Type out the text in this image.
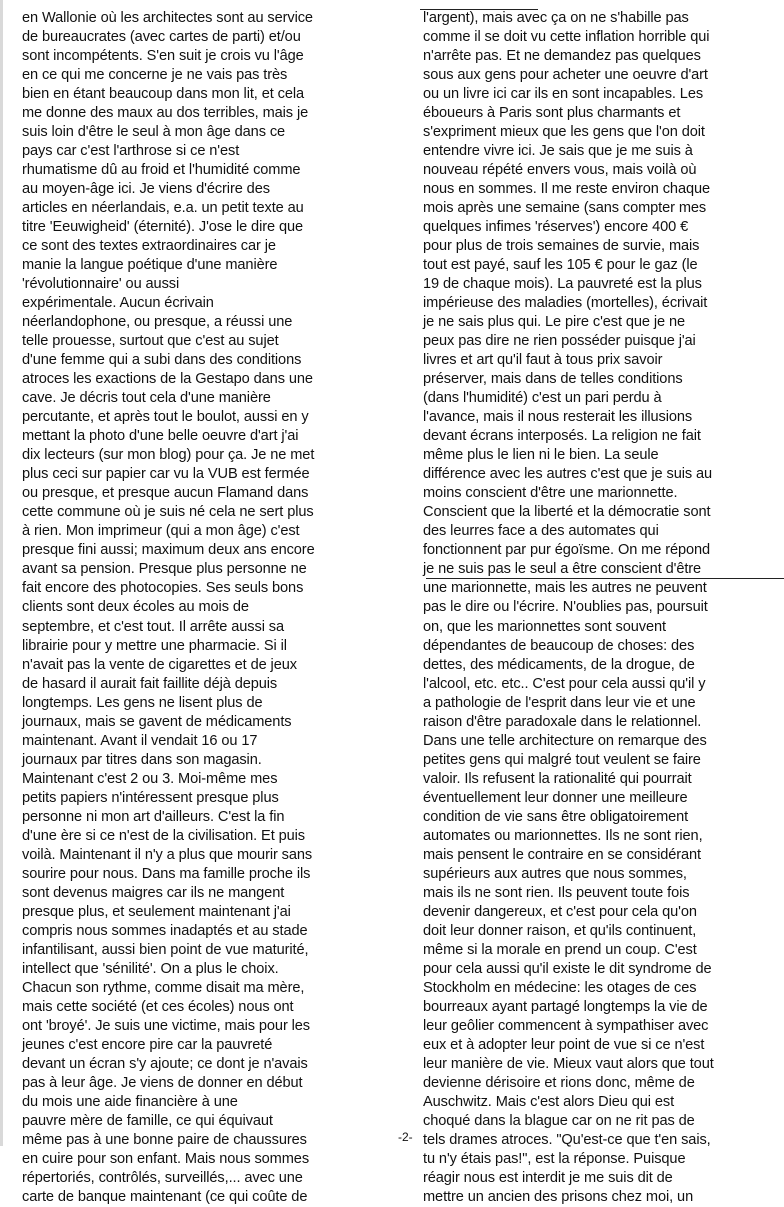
en Wallonie où les architectes sont au service
de bureaucrates (avec cartes de parti) et/ou
sont incompétents. S'en suit je crois vu l'âge
en ce qui me concerne je ne vais pas très
bien en étant beaucoup dans mon lit, et cela
me donne des maux au dos terribles, mais je
suis loin d'être le seul à mon âge dans ce
pays car c'est l'arthrose si ce n'est
rhumatisme dû au froid et l'humidité comme
au moyen-âge ici. Je viens d'écrire des
articles en néerlandais, e.a. un petit texte au
titre 'Eeuwigheid' (éternité). J'ose le dire que
ce sont des textes extraordinaires car je
manie la langue poétique d'une manière
'révolutionnaire' ou aussi
expérimentale. Aucun écrivain
néerlandophone, ou presque, a réussi une
telle prouesse, surtout que c'est au sujet
d'une femme qui a subi dans des conditions
atroces les exactions de la Gestapo dans une
cave. Je décris tout cela d'une manière
percutante, et après tout le boulot, aussi en y
mettant la photo d'une belle oeuvre d'art j'ai
dix lecteurs (sur mon blog) pour ça. Je ne met
plus ceci sur papier car vu la VUB est fermée
ou presque, et presque aucun Flamand dans
cette commune où je suis né cela ne sert plus
à rien. Mon imprimeur (qui a mon âge) c'est
presque fini aussi; maximum deux ans encore
avant sa pension. Presque plus personne ne
fait encore des photocopies. Ses seuls bons
clients sont deux écoles au mois de
septembre, et c'est tout. Il arrête aussi sa
librairie pour y mettre une pharmacie. Si il
n'avait pas la vente de cigarettes et de jeux
de hasard il aurait fait faillite déjà depuis
longtemps. Les gens ne lisent plus de
journaux, mais se gavent de médicaments
maintenant. Avant il vendait 16 ou 17
journaux par titres dans son magasin.
Maintenant c'est 2 ou 3. Moi-même mes
petits papiers n'intéressent presque plus
personne ni mon art d'ailleurs. C'est la fin
d'une ère si ce n'est de la civilisation. Et puis
voilà. Maintenant il n'y a plus que mourir sans
sourire pour nous. Dans ma famille proche ils
sont devenus maigres car ils ne mangent
presque plus, et seulement maintenant j'ai
compris nous sommes inadaptés et au stade
infantilisant, aussi bien point de vue maturité,
intellect que 'sénilité'. On a plus le choix.
Chacun son rythme, comme disait ma mère,
mais cette société (et ces écoles) nous ont
ont 'broyé'. Je suis une victime, mais pour les
jeunes c'est encore pire car la pauvreté
devant un écran s'y ajoute; ce dont je n'avais
pas à leur âge. Je viens de donner en début
du mois une aide financière à une
pauvre mère de famille, ce qui équivaut
même pas à une bonne paire de chaussures
en cuire pour son enfant. Mais nous sommes
répertoriés, contrôlés, surveillés,... avec une
carte de banque maintenant (ce qui coûte de
l'argent), mais avec ça on ne s'habille pas
comme il se doit vu cette inflation horrible qui
n'arrête pas. Et ne demandez pas quelques
sous aux gens pour acheter une oeuvre d'art
ou un livre ici car ils en sont incapables. Les
éboueurs à Paris sont plus charmants et
s'expriment mieux que les gens que l'on doit
entendre vivre ici. Je sais que je me suis à
nouveau répété envers vous, mais voilà où
nous en sommes. Il me reste environ chaque
mois après une semaine (sans compter mes
quelques infimes 'réserves') encore 400 €
pour plus de trois semaines de survie, mais
tout est payé, sauf les 105 € pour le gaz (le
19 de chaque mois). La pauvreté est la plus
impérieuse des maladies (mortelles), écrivait
je ne sais plus qui. Le pire c'est que je ne
peux pas dire ne rien posséder puisque j'ai
livres et art qu'il faut à tous prix savoir
préserver, mais dans de telles conditions
(dans l'humidité) c'est un pari perdu à
l'avance, mais il nous resterait les illusions
devant écrans interposés. La religion ne fait
même plus le lien ni le bien. La seule
différence avec les autres c'est que je suis au
moins conscient d'être une marionnette.
Conscient que la liberté et la démocratie sont
des leurres face a des automates qui
fonctionnent par pur égoïsme. On me répond
je ne suis pas le seul a être conscient d'être
une marionnette, mais les autres ne peuvent
pas le dire ou l'écrire. N'oublies pas, poursuit
on, que les marionnettes sont souvent
dépendantes de beaucoup de choses: des
dettes, des médicaments, de la drogue, de
l'alcool, etc. etc.. C'est pour cela aussi qu'il y
a pathologie de l'esprit dans leur vie et une
raison d'être paradoxale dans le relationnel.
Dans une telle architecture on remarque des
petites gens qui malgré tout veulent se faire
valoir. Ils refusent la rationalité qui pourrait
éventuellement leur donner une meilleure
condition de vie sans être obligatoirement
automates ou marionnettes. Ils ne sont rien,
mais pensent le contraire en se considérant
supérieurs aux autres que nous sommes,
mais ils ne sont rien. Ils peuvent toute fois
devenir dangereux, et c'est pour cela qu'on
doit leur donner raison, et qu'ils continuent,
même si la morale en prend un coup. C'est
pour cela aussi qu'il existe le dit syndrome de
Stockholm en médecine: les otages de ces
bourreaux ayant partagé longtemps la vie de
leur geôlier commencent à sympathiser avec
eux et à adopter leur point de vue si ce n'est
leur manière de vie. Mieux vaut alors que tout
devienne dérisoire et rions donc, même de
Auschwitz. Mais c'est alors Dieu qui est
choqué dans la blague car on ne rit pas de
tels drames atroces. "Qu'est-ce que t'en sais,
tu n'y étais pas!", est la réponse. Puisque
réagir nous est interdit je me suis dit de
mettre un ancien des prisons chez moi, un
-2-
